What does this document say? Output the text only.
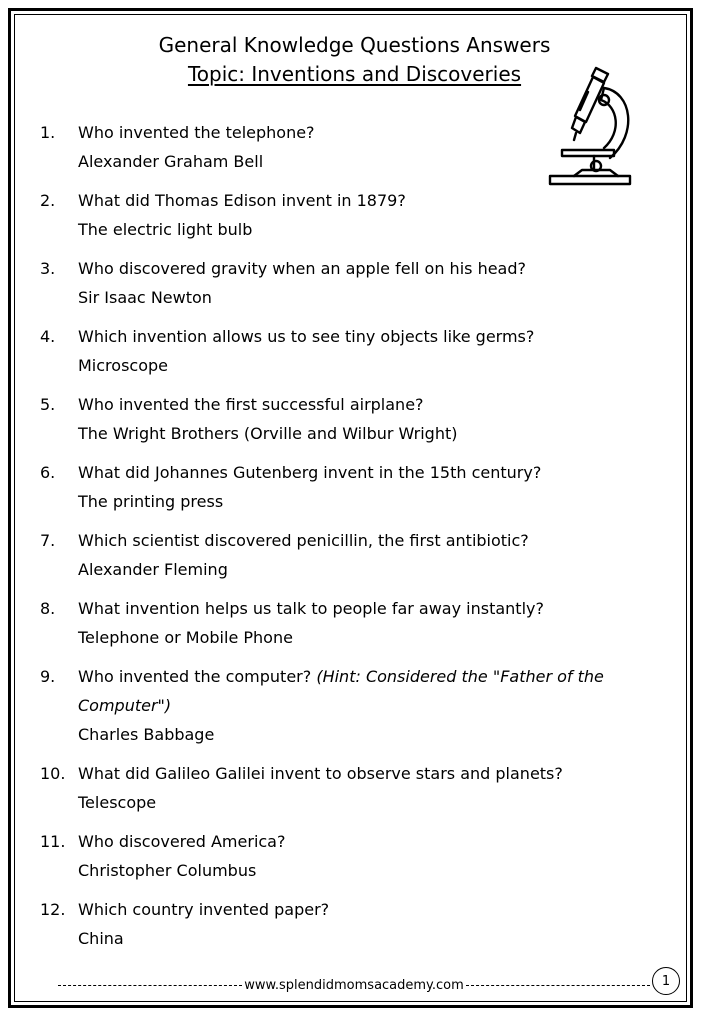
General Knowledge Questions Answers
Topic: Inventions and Discoveries
1. Who invented the telephone?
Alexander Graham Bell
2. What did Thomas Edison invent in 1879?
The electric light bulb
3. Who discovered gravity when an apple fell on his head?
Sir Isaac Newton
4. Which invention allows us to see tiny objects like germs?
Microscope
5. Who invented the first successful airplane?
The Wright Brothers (Orville and Wilbur Wright)
6. What did Johannes Gutenberg invent in the 15th century?
The printing press
7. Which scientist discovered penicillin, the first antibiotic?
Alexander Fleming
8. What invention helps us talk to people far away instantly?
Telephone or Mobile Phone
9. Who invented the computer? (Hint: Considered the "Father of the Computer")
Charles Babbage
10. What did Galileo Galilei invent to observe stars and planets?
Telescope
11. Who discovered America?
Christopher Columbus
12. Which country invented paper?
China
www.splendidmomsacademy.com	1
